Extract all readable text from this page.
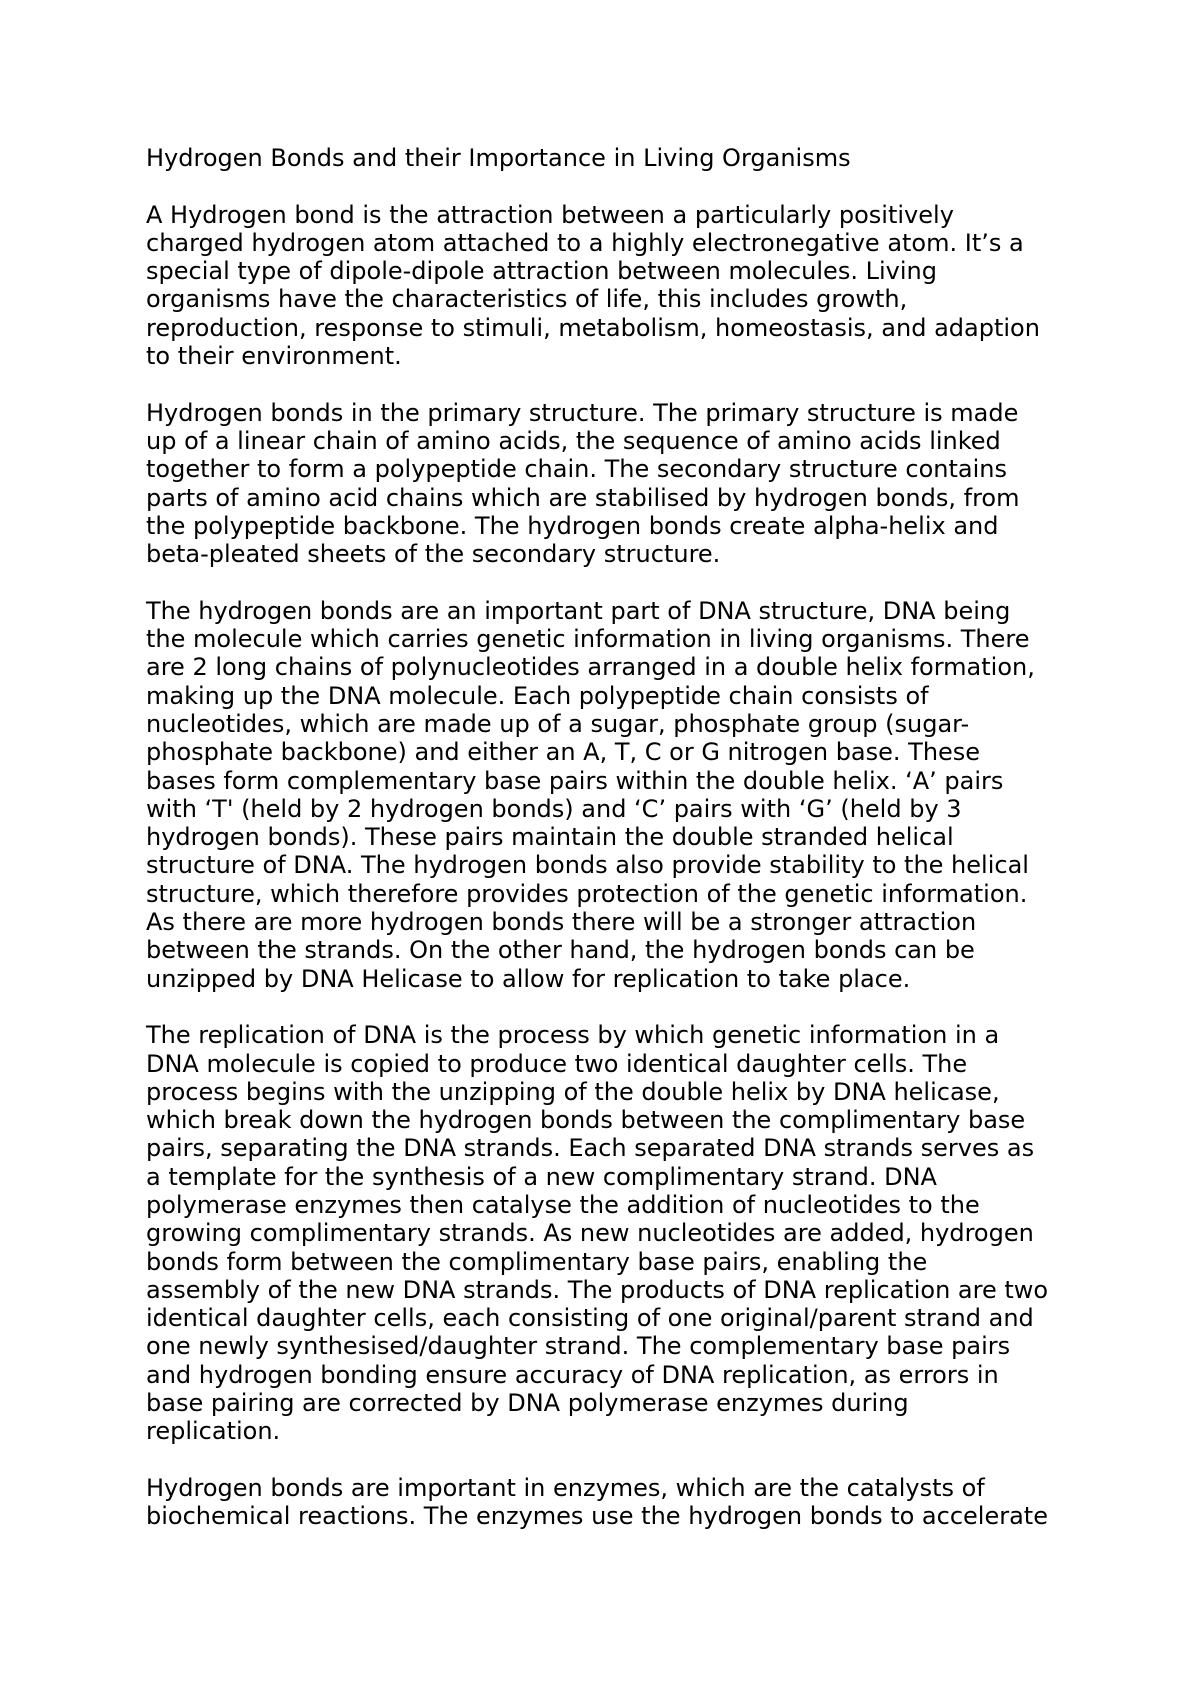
Hydrogen Bonds and their Importance in Living Organisms
A Hydrogen bond is the attraction between a particularly positively
charged hydrogen atom attached to a highly electronegative atom. It’s a
special type of dipole-dipole attraction between molecules. Living
organisms have the characteristics of life, this includes growth,
reproduction, response to stimuli, metabolism, homeostasis, and adaption
to their environment.
Hydrogen bonds in the primary structure. The primary structure is made
up of a linear chain of amino acids, the sequence of amino acids linked
together to form a polypeptide chain. The secondary structure contains
parts of amino acid chains which are stabilised by hydrogen bonds, from
the polypeptide backbone. The hydrogen bonds create alpha-helix and
beta-pleated sheets of the secondary structure.
The hydrogen bonds are an important part of DNA structure, DNA being
the molecule which carries genetic information in living organisms. There
are 2 long chains of polynucleotides arranged in a double helix formation,
making up the DNA molecule. Each polypeptide chain consists of
nucleotides, which are made up of a sugar, phosphate group (sugar-
phosphate backbone) and either an A, T, C or G nitrogen base. These
bases form complementary base pairs within the double helix. ‘A’ pairs
with ‘T' (held by 2 hydrogen bonds) and ‘C’ pairs with ‘G’ (held by 3
hydrogen bonds). These pairs maintain the double stranded helical
structure of DNA. The hydrogen bonds also provide stability to the helical
structure, which therefore provides protection of the genetic information.
As there are more hydrogen bonds there will be a stronger attraction
between the strands. On the other hand, the hydrogen bonds can be
unzipped by DNA Helicase to allow for replication to take place.
The replication of DNA is the process by which genetic information in a
DNA molecule is copied to produce two identical daughter cells. The
process begins with the unzipping of the double helix by DNA helicase,
which break down the hydrogen bonds between the complimentary base
pairs, separating the DNA strands. Each separated DNA strands serves as
a template for the synthesis of a new complimentary strand. DNA
polymerase enzymes then catalyse the addition of nucleotides to the
growing complimentary strands. As new nucleotides are added, hydrogen
bonds form between the complimentary base pairs, enabling the
assembly of the new DNA strands. The products of DNA replication are two
identical daughter cells, each consisting of one original/parent strand and
one newly synthesised/daughter strand. The complementary base pairs
and hydrogen bonding ensure accuracy of DNA replication, as errors in
base pairing are corrected by DNA polymerase enzymes during
replication.
Hydrogen bonds are important in enzymes, which are the catalysts of
biochemical reactions. The enzymes use the hydrogen bonds to accelerate
